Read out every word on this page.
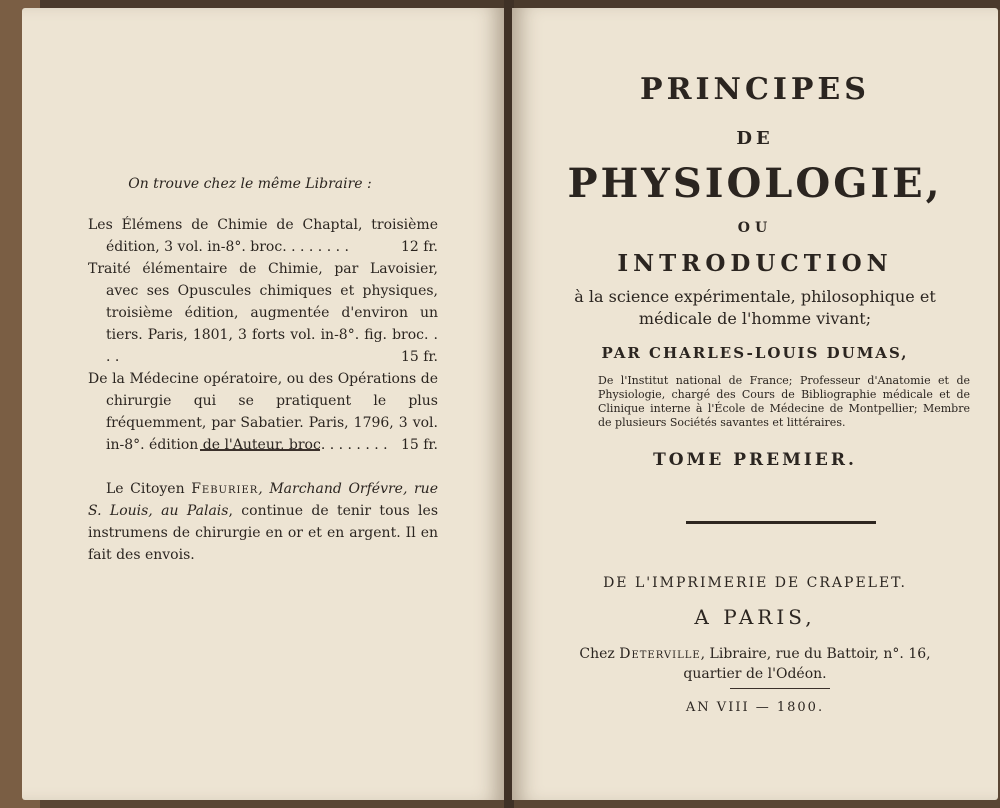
On trouve chez le même Libraire :

Les Élémens de Chimie de Chaptal, troisième édition, 3 vol. in-8°. broc. . . . . . . .	12 fr.

Traité élémentaire de Chimie, par Lavoisier, avec ses Opuscules chimiques et physiques, troisième édition, augmentée d'environ un tiers. Paris, 1801, 3 forts vol. in-8°. fig. broc. . . .	15 fr.

De la Médecine opératoire, ou des Opérations de chirurgie qui se pratiquent le plus fréquemment, par Sabatier. Paris, 1796, 3 vol. in-8°. édition de l'Auteur, broc. . . . . . . . 15 fr.

Le Citoyen Feburier, Marchand Orfévre, rue S. Louis, au Palais, continue de tenir tous les instrumens de chirurgie en or et en argent. Il en fait des envois.
PRINCIPES
DE
PHYSIOLOGIE,
OU
INTRODUCTION
à la science expérimentale, philosophique et médicale de l'homme vivant;
PAR CHARLES-LOUIS DUMAS,
De l'Institut national de France; Professeur d'Anatomie et de Physiologie, chargé des Cours de Bibliographie médicale et de Clinique interne à l'École de Médecine de Montpellier; Membre de plusieurs Sociétés savantes et littéraires.
TOME PREMIER.
DE L'IMPRIMERIE DE CRAPELET.
A PARIS,
Chez Deterville, Libraire, rue du Battoir, n°. 16,
quartier de l'Odéon.
AN VIII — 1800.
